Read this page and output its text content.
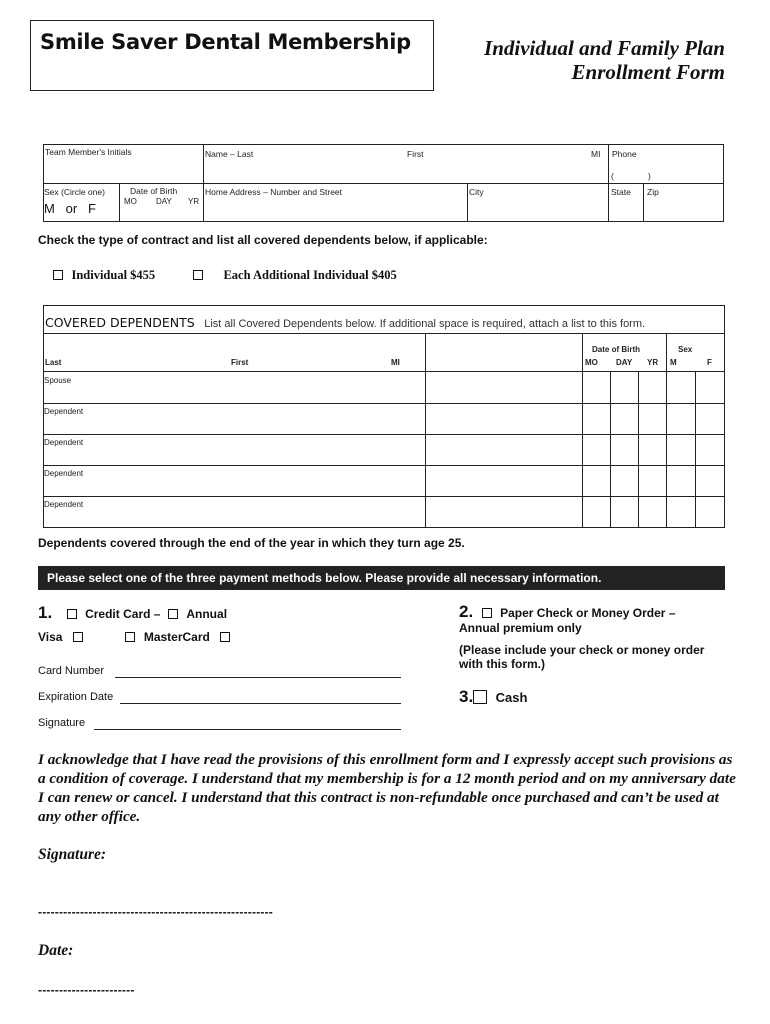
Smile Saver Dental Membership	Individual and Family Plan
Enrollment Form
Team Member's Initials	Name – Last	First	MI Phone
(	)
Sex (Circle one)
M   or   F
Date of Birth
MO DAY YR
Home Address – Number and Street	City	State Zip
Check the type of contract and list all covered dependents below, if applicable:
Individual $455	Each Additional Individual $405
COVERED DEPENDENTS List all Covered Dependents below. If additional space is required, attach a list to this form.
Last	First	MI
Date of Birth
MO DAY YR
Sex
M	F
Spouse
Dependent
Dependent
Dependent
Dependent
Dependents covered through the end of the year in which they turn age 25.
Please select one of the three payment methods below. Please provide all necessary information.
1.	Credit Card – Annual
Visa	MasterCard
Card Number
Expiration Date
Signature
2. Paper Check or Money Order –
Annual premium only
(Please include your check or money order
with this form.)
3. Cash
I acknowledge that I have read the provisions of this enrollment form and I expressly accept such provisions as a condition of coverage. I understand that my membership is for a 12 month period and on my anniversary date I can renew or cancel. I understand that this contract is non-refundable once purchased and can’t be used at any other office.
Signature:
--------------------------------------------------------
Date:
-----------------------
